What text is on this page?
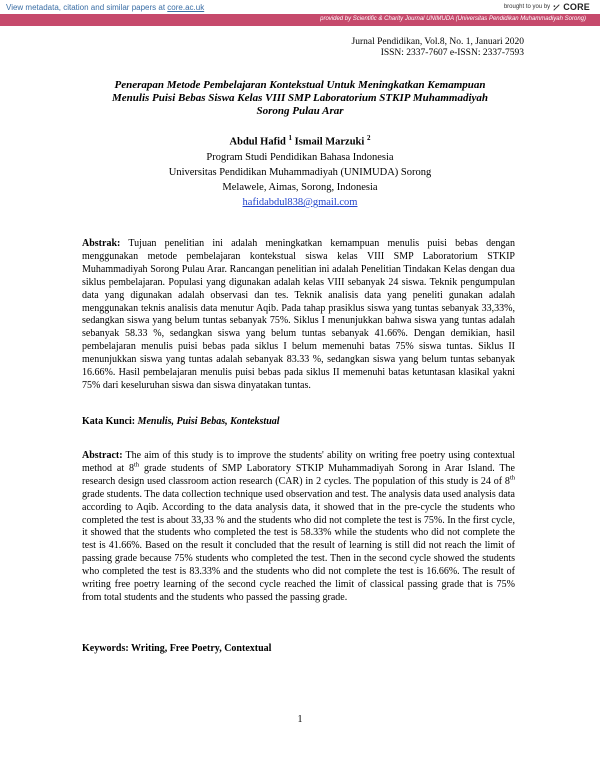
View metadata, citation and similar papers at core.ac.uk	brought to you by CORE
provided by Scientific & Charity Journal UNIMUDA (Universitas Pendidikan Muhammadiyah Sorong)
Jurnal Pendidikan, Vol.8, No. 1, Januari 2020
ISSN: 2337-7607 e-ISSN: 2337-7593
Penerapan Metode Pembelajaran Kontekstual Untuk Meningkatkan Kemampuan
Menulis Puisi Bebas Siswa Kelas VIII SMP Laboratorium STKIP Muhammadiyah
Sorong Pulau Arar
Abdul Hafid $^1$ Ismail Marzuki $^2$
Program Studi Pendidikan Bahasa Indonesia
Universitas Pendidikan Muhammadiyah (UNIMUDA) Sorong
Melawele, Aimas, Sorong, Indonesia
hafidabdul838@gmail.com
Abstrak: Tujuan penelitian ini adalah meningkatkan kemampuan menulis puisi bebas dengan menggunakan metode pembelajaran kontekstual siswa kelas VIII SMP Laboratorium STKIP Muhammadiyah Sorong Pulau Arar. Rancangan penelitian ini adalah Penelitian Tindakan Kelas dengan dua siklus pembelajaran. Populasi yang digunakan adalah kelas VIII sebanyak 24 siswa. Teknik pengumpulan data yang digunakan adalah observasi dan tes. Teknik analisis data yang peneliti gunakan adalah menggunakan teknis analisis data menutur Aqib. Pada tahap prasiklus siswa yang tuntas sebanyak 33,33%, sedangkan siswa yang belum tuntas sebanyak 75%. Siklus I menunjukkan bahwa siswa yang tuntas adalah sebanyak 58.33 %, sedangkan siswa yang belum tuntas sebanyak 41.66%. Dengan demikian, hasil pembelajaran menulis puisi bebas pada siklus I belum memenuhi batas 75% siswa tuntas. Siklus II menunjukkan siswa yang tuntas adalah sebanyak 83.33 %, sedangkan siswa yang belum tuntas sebanyak 16.66%. Hasil pembelajaran menulis puisi bebas pada siklus II memenuhi batas ketuntasan klasikal yakni 75% dari keseluruhan siswa dan siswa dinyatakan tuntas.
Kata Kunci: Menulis, Puisi Bebas, Kontekstual
Abstract: The aim of this study is to improve the students' ability on writing free poetry using contextual method at 8th grade students of SMP Laboratory STKIP Muhammadiyah Sorong in Arar Island. The research design used classroom action research (CAR) in 2 cycles. The population of this study is 24 of 8th grade students. The data collection technique used observation and test. The analysis data used analysis data according to Aqib. According to the data analysis data, it showed that in the pre-cycle the students who completed the test is about 33,33 % and the students who did not complete the test is 75%. In the first cycle, it showed that the students who completed the test is 58.33% while the students who did not complete the test is 41.66%. Based on the result it concluded that the result of learning is still did not reach the limit of passing grade because 75% students who completed the test. Then in the second cycle showed the students who completed the test is 83.33% and the students who did not complete the test is 16.66%. The result of writing free poetry learning of the second cycle reached the limit of classical passing grade that is 75% from total students and the students who passed the passing grade.
Keywords: Writing, Free Poetry, Contextual
1
